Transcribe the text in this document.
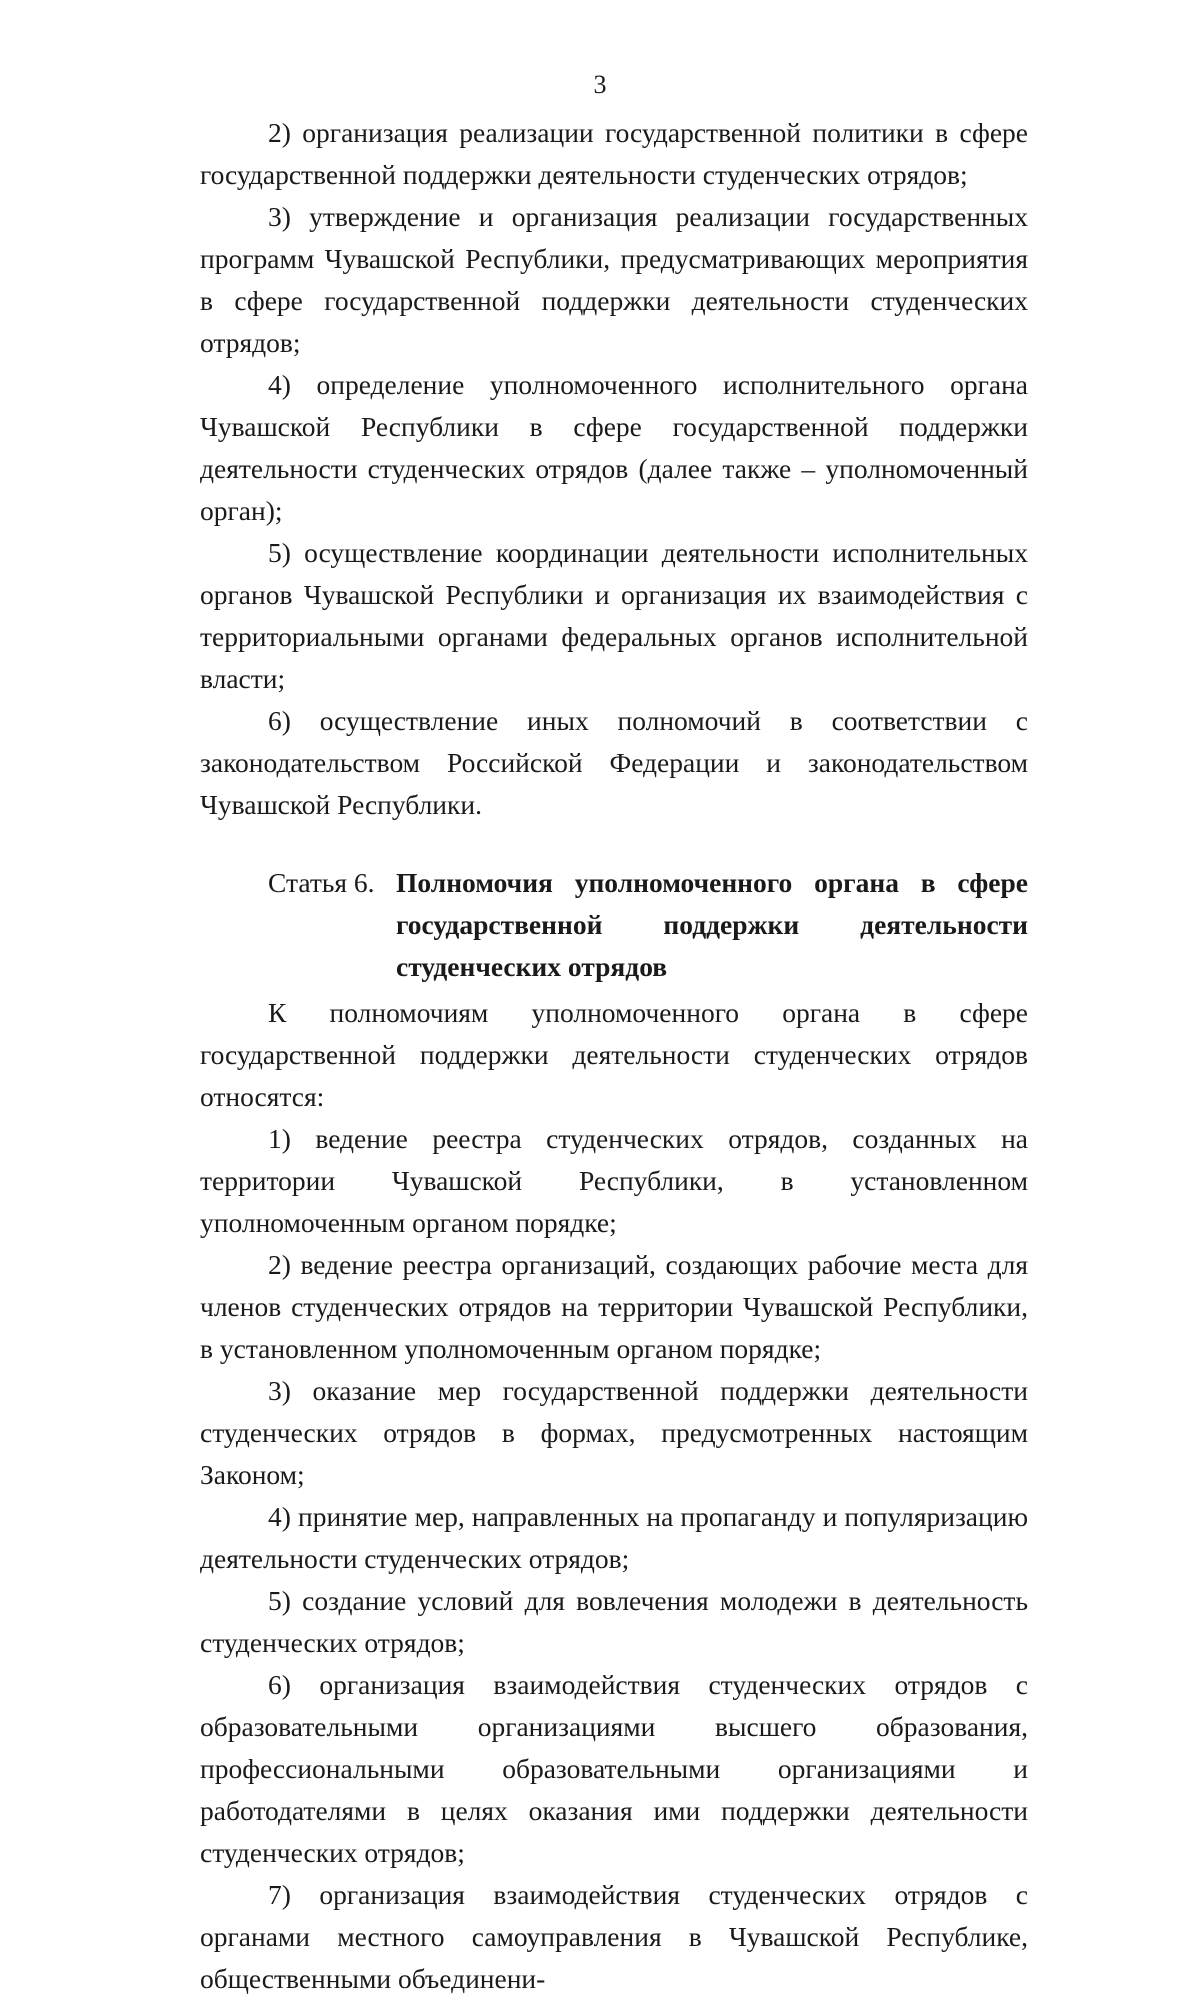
3

2) организация реализации государственной политики в сфере государственной поддержки деятельности студенческих отрядов;

3) утверждение и организация реализации государственных программ Чувашской Республики, предусматривающих мероприятия в сфере государственной поддержки деятельности студенческих отрядов;

4) определение уполномоченного исполнительного органа Чувашской Республики в сфере государственной поддержки деятельности студенческих отрядов (далее также – уполномоченный орган);

5) осуществление координации деятельности исполнительных органов Чувашской Республики и организация их взаимодействия с территориальными органами федеральных органов исполнительной власти;

6) осуществление иных полномочий в соответствии с законодательством Российской Федерации и законодательством Чувашской Республики.

Статья 6. Полномочия уполномоченного органа в сфере государственной поддержки деятельности студенческих отрядов

К полномочиям уполномоченного органа в сфере государственной поддержки деятельности студенческих отрядов относятся:

1) ведение реестра студенческих отрядов, созданных на территории Чувашской Республики, в установленном уполномоченным органом порядке;

2) ведение реестра организаций, создающих рабочие места для членов студенческих отрядов на территории Чувашской Республики, в установленном уполномоченным органом порядке;

3) оказание мер государственной поддержки деятельности студенческих отрядов в формах, предусмотренных настоящим Законом;

4) принятие мер, направленных на пропаганду и популяризацию деятельности студенческих отрядов;

5) создание условий для вовлечения молодежи в деятельность студенческих отрядов;

6) организация взаимодействия студенческих отрядов с образовательными организациями высшего образования, профессиональными образовательными организациями и работодателями в целях оказания ими поддержки деятельности студенческих отрядов;

7) организация взаимодействия студенческих отрядов с органами местного самоуправления в Чувашской Республике, общественными объединени-
